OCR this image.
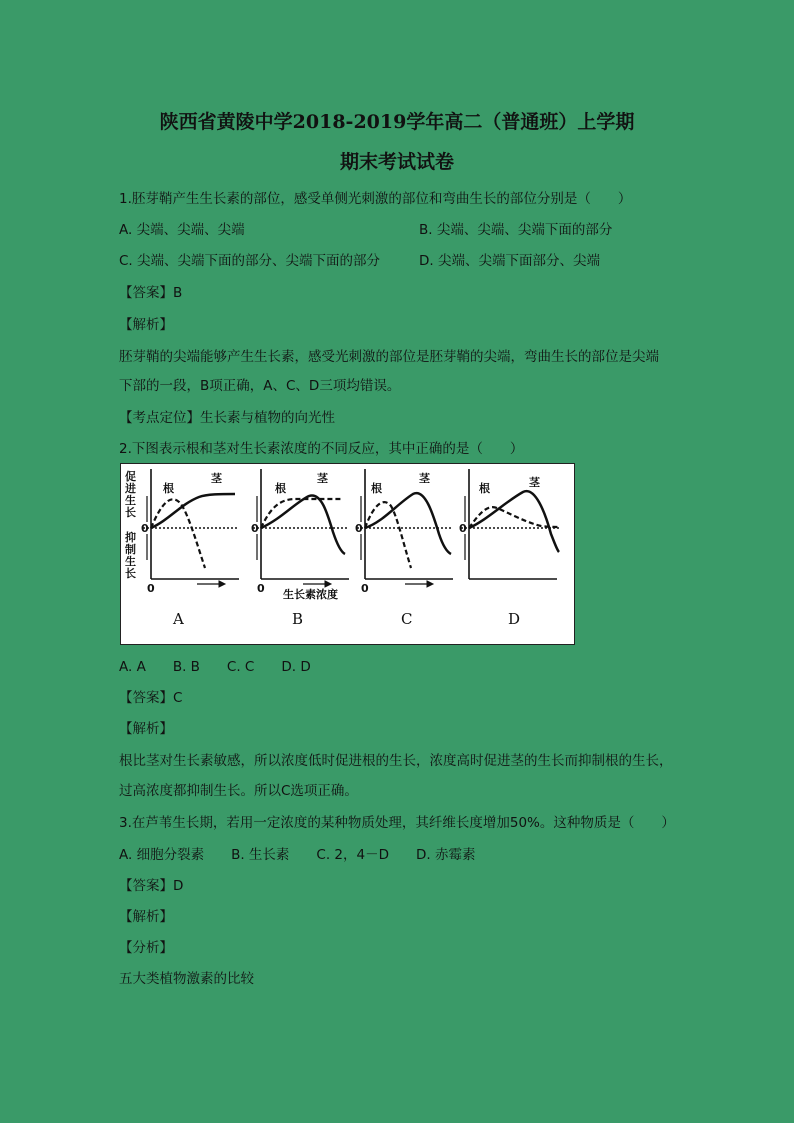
陕西省黄陵中学2018-2019学年高二（普通班）上学期
期末考试试卷
1.胚芽鞘产生生长素的部位，感受单侧光刺激的部位和弯曲生长的部位分别是（　　）
A. 尖端、尖端、尖端	B. 尖端、尖端、尖端下面的部分
C. 尖端、尖端下面的部分、尖端下面的部分	D. 尖端、尖端下面部分、尖端
【答案】B
【解析】
胚芽鞘的尖端能够产生生长素，感受光刺激的部位是胚芽鞘的尖端，弯曲生长的部位是尖端
下部的一段，B项正确，A、C、D三项均错误。
【考点定位】生长素与植物的向光性
2.下图表示根和茎对生长素浓度的不同反应，其中正确的是（　　）
促
进
生
长
抑
制
生
长
0
0
0
0
0
0
0
根
茎
根
茎
根
茎
根	茎
生长素浓度
A	B	C	D
A. A　　B. B　　C. C　　D. D
【答案】C
【解析】
根比茎对生长素敏感，所以浓度低时促进根的生长，浓度高时促进茎的生长而抑制根的生长，
过高浓度都抑制生长。所以C选项正确。
3.在芦苇生长期，若用一定浓度的某种物质处理，其纤维长度增加50%。这种物质是（　　）
A. 细胞分裂素　　B. 生长素　　C. 2，4－D　　D. 赤霉素
【答案】D
【解析】
【分析】
五大类植物激素的比较
